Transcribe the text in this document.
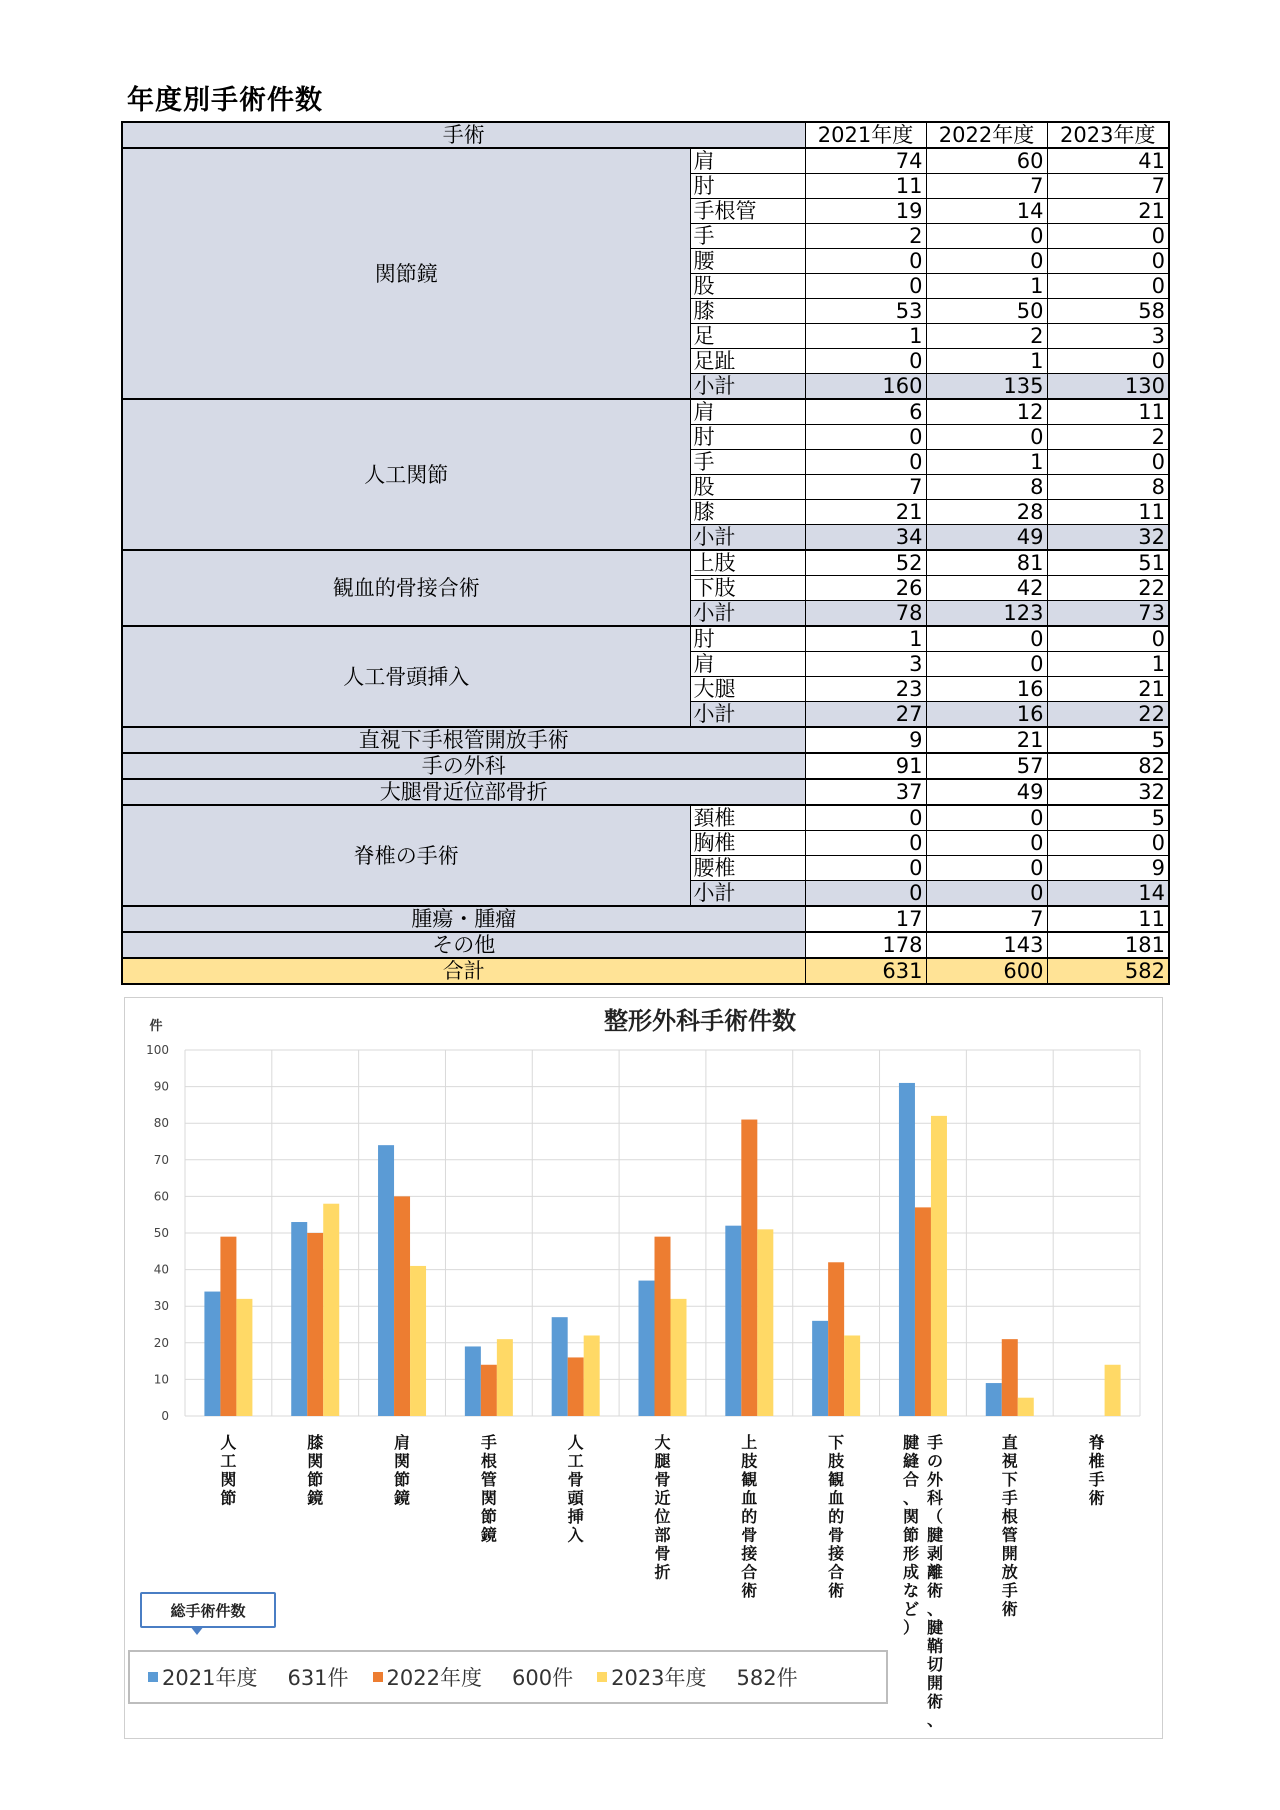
年度別手術件数
手術		2021年度	2022年度	2023年度
関節鏡	肩	74	60	41
	肘	11	7	7
	手根管	19	14	21
	手	2	0	0
	腰	0	0	0
	股	0	1	0
	膝	53	50	58
	足	1	2	3
	足趾	0	1	0
	小計	160	135	130
人工関節	肩	6	12	11
	肘	0	0	2
	手	0	1	0
	股	7	8	8
	膝	21	28	11
	小計	34	49	32
観血的骨接合術	上肢	52	81	51
	下肢	26	42	22
	小計	78	123	73
人工骨頭挿入	肘	1	0	0
	肩	3	0	1
	大腿	23	16	21
	小計	27	16	22
直視下手根管開放手術		9	21	5
手の外科		91	57	82
大腿骨近位部骨折		37	49	32
脊椎の手術	頚椎	0	0	5
	胸椎	0	0	0
	腰椎	0	0	9
	小計	0	0	14
腫瘍・腫瘤		17	7	11
その他		178	143	181
合計		631	600	582
整形外科手術件数
件
0
10
20
30
40
50
60
70
80
90
100
人
工
関
節
膝
関
節
鏡
肩
関
節
鏡
手
根
管
関
節
鏡
人
工
骨
頭
挿
入
大
腿
骨
近
位
部
骨
折
上
肢
観
血
的
骨
接
合
術
下
肢
観
血
的
骨
接
合
術
腱
縫
合
、
関
節
形
成
な
ど
）
手
の
外
科
（
腱
剥
離
術
、
腱
鞘
切
開
術
、
直
視
下
手
根
管
開
放
手
術
脊
椎
手
術
総手術件数
2021年度 631件 2022年度 600件 2023年度 582件
